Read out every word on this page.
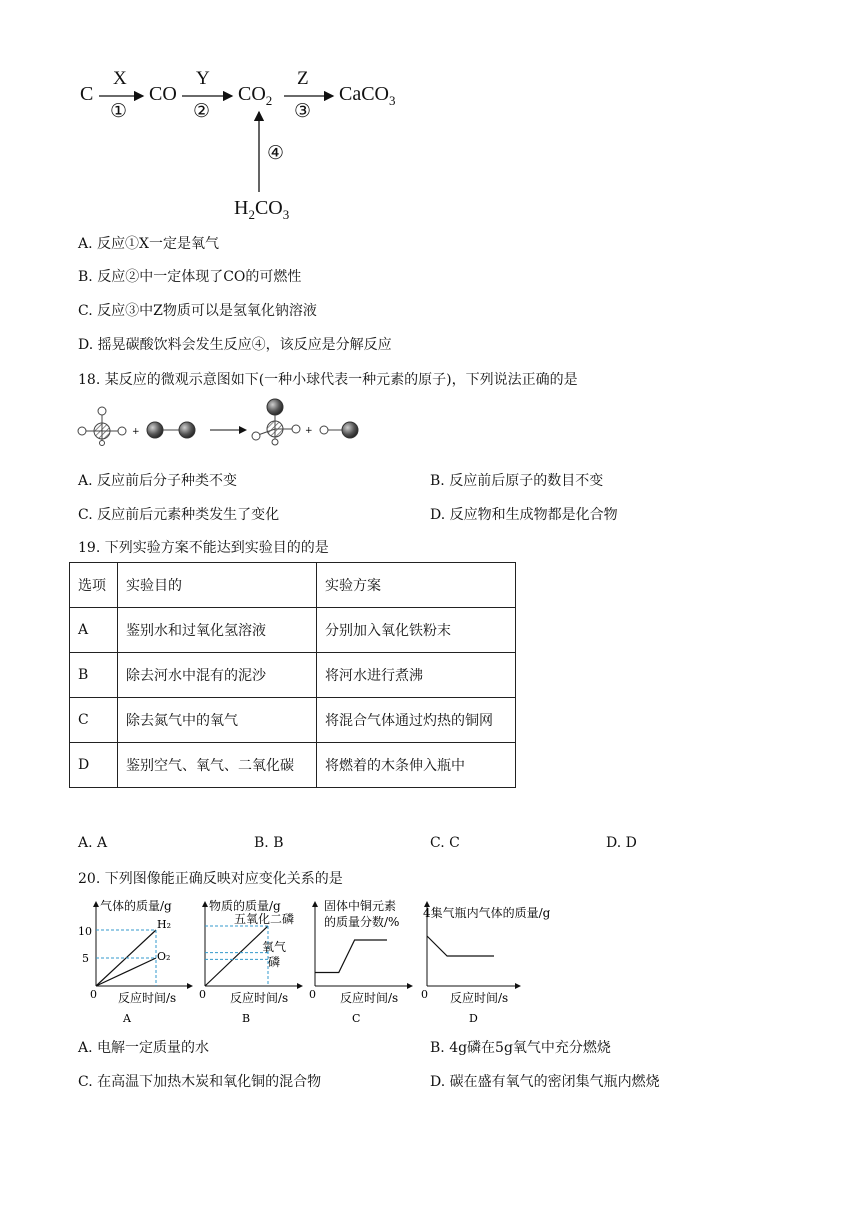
C
X
①
CO
Y
②
$CO_2$
Z
③
CaCO$_3$
④
$H_2CO_3$
A. 反应①X一定是氧气
B. 反应②中一定体现了CO的可燃性
C. 反应③中Z物质可以是氢氧化钠溶液
D. 摇晃碳酸饮料会发生反应④，该反应是分解反应
18. 某反应的微观示意图如下(一种小球代表一种元素的原子)，下列说法正确的是
+	+
A. 反应前后分子种类不变	B. 反应前后原子的数目不变
C. 反应前后元素种类发生了变化	D. 反应物和生成物都是化合物
19. 下列实验方案不能达到实验目的的是
选项	实验目的	实验方案
A	鉴别水和过氧化氢溶液	分别加入氧化铁粉末
B	除去河水中混有的泥沙	将河水进行煮沸
C	除去氮气中的氧气	将混合气体通过灼热的铜网
D	鉴别空气、氧气、二氧化碳	将燃着的木条伸入瓶中
A. A	B. B	C. C	D. D
20. 下列图像能正确反映对应变化关系的是
气体的质量/g
反应时间/s
0
10
5
H₂
O₂
A
物质的质量/g
反应时间/s
0
五氧化二磷
氧气
磷
B
固体中铜元素
的质量分数/%
反应时间/s
0
C
4集气瓶内气体的质量/g
反应时间/s
0
D
A. 电解一定质量的水	B. 4g磷在5g氧气中充分燃烧
C. 在高温下加热木炭和氧化铜的混合物	D. 碳在盛有氧气的密闭集气瓶内燃烧
